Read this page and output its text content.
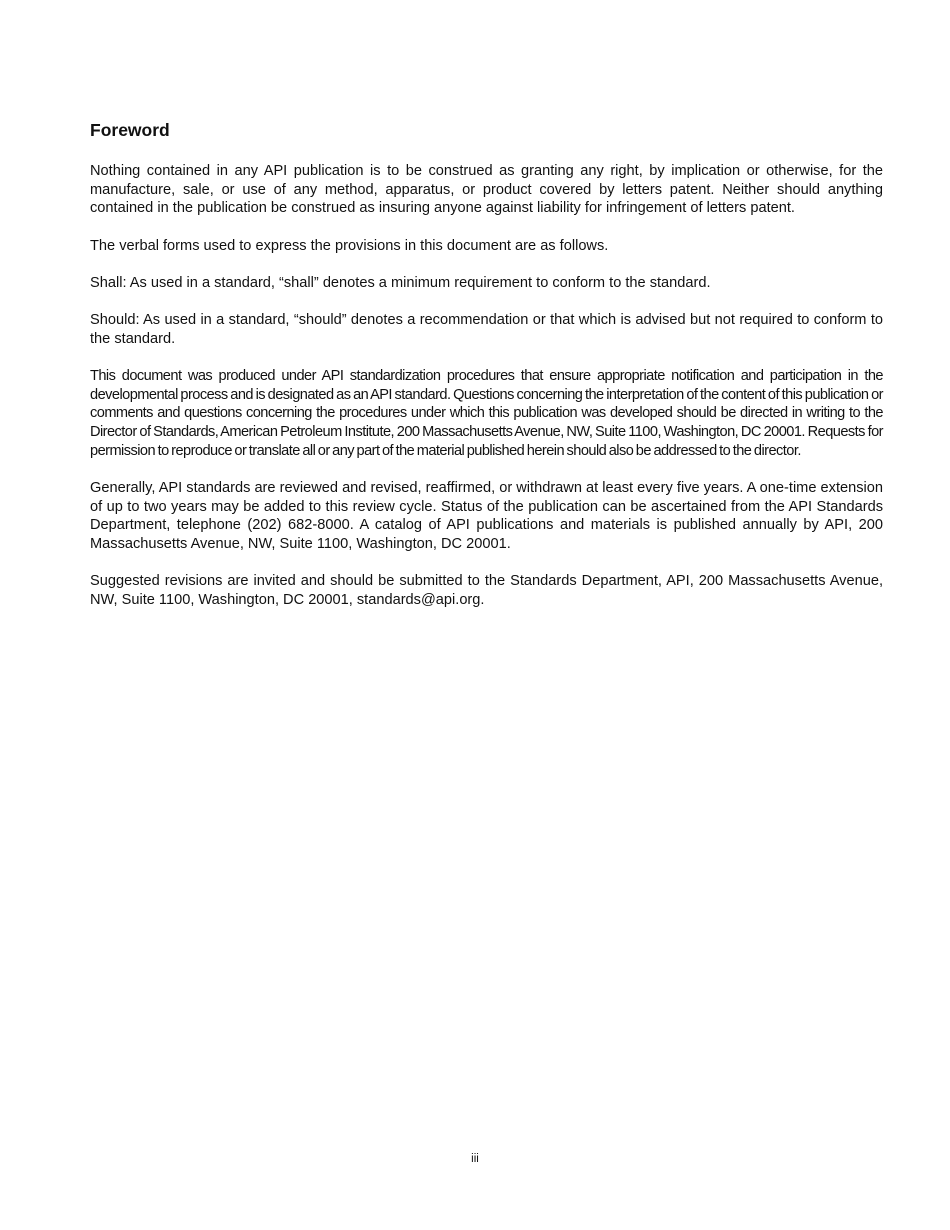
Foreword

Nothing contained in any API publication is to be construed as granting any right, by implication or otherwise, for the manufacture, sale, or use of any method, apparatus, or product covered by letters patent. Neither should anything contained in the publication be construed as insuring anyone against liability for infringement of letters patent.

The verbal forms used to express the provisions in this document are as follows.

Shall: As used in a standard, “shall” denotes a minimum requirement to conform to the standard.

Should: As used in a standard, “should” denotes a recommendation or that which is advised but not required to conform to the standard.

This document was produced under API standardization procedures that ensure appropriate notification and participation in the developmental process and is designated as an API standard. Questions concerning the interpretation of the content of this publication or comments and questions concerning the procedures under which this publication was developed should be directed in writing to the Director of Standards, American Petroleum Institute, 200 Massachusetts Avenue, NW, Suite 1100, Washington, DC 20001. Requests for permission to reproduce or translate all or any part of the material published herein should also be addressed to the director.

Generally, API standards are reviewed and revised, reaffirmed, or withdrawn at least every five years. A one-time extension of up to two years may be added to this review cycle. Status of the publication can be ascertained from the API Standards Department, telephone (202) 682-8000. A catalog of API publications and materials is published annually by API, 200 Massachusetts Avenue, NW, Suite 1100, Washington, DC 20001.

Suggested revisions are invited and should be submitted to the Standards Department, API, 200 Massachusetts Avenue, NW, Suite 1100, Washington, DC 20001, standards@api.org.

iii
